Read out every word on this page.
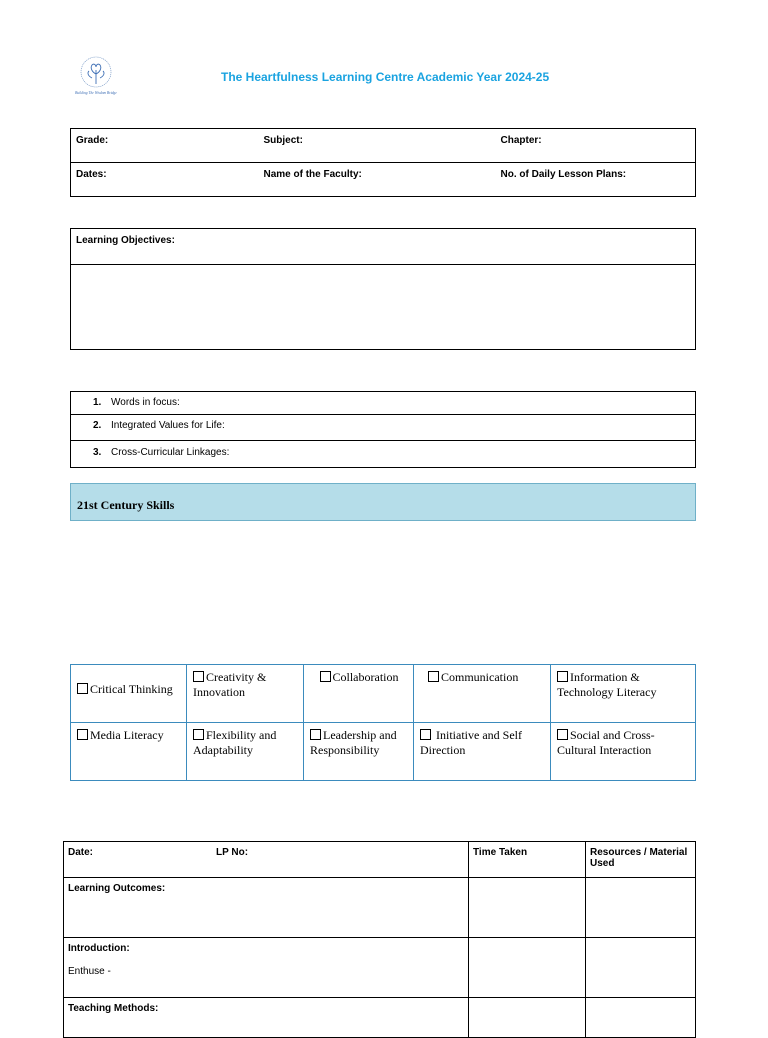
Building The Wisdom Bridge
The Heartfulness Learning Centre Academic Year 2024-25
Grade:	Subject:	Chapter:
Dates:	Name of the Faculty:	No. of Daily Lesson Plans:
Learning Objectives:

1. Words in focus:
2. Integrated Values for Life:
3. Cross-Curricular Linkages:
21st Century Skills
Critical Thinking	Creativity & Innovation	Collaboration	Communication	Information & Technology Literacy
Media Literacy	Flexibility and Adaptability	Leadership and Responsibility	Initiative and Self Direction	Social and Cross-Cultural Interaction
Date: LP No:	Time Taken	Resources / Material Used
Learning Outcomes:		

Introduction:
Enthuse -		

Teaching Methods:		
